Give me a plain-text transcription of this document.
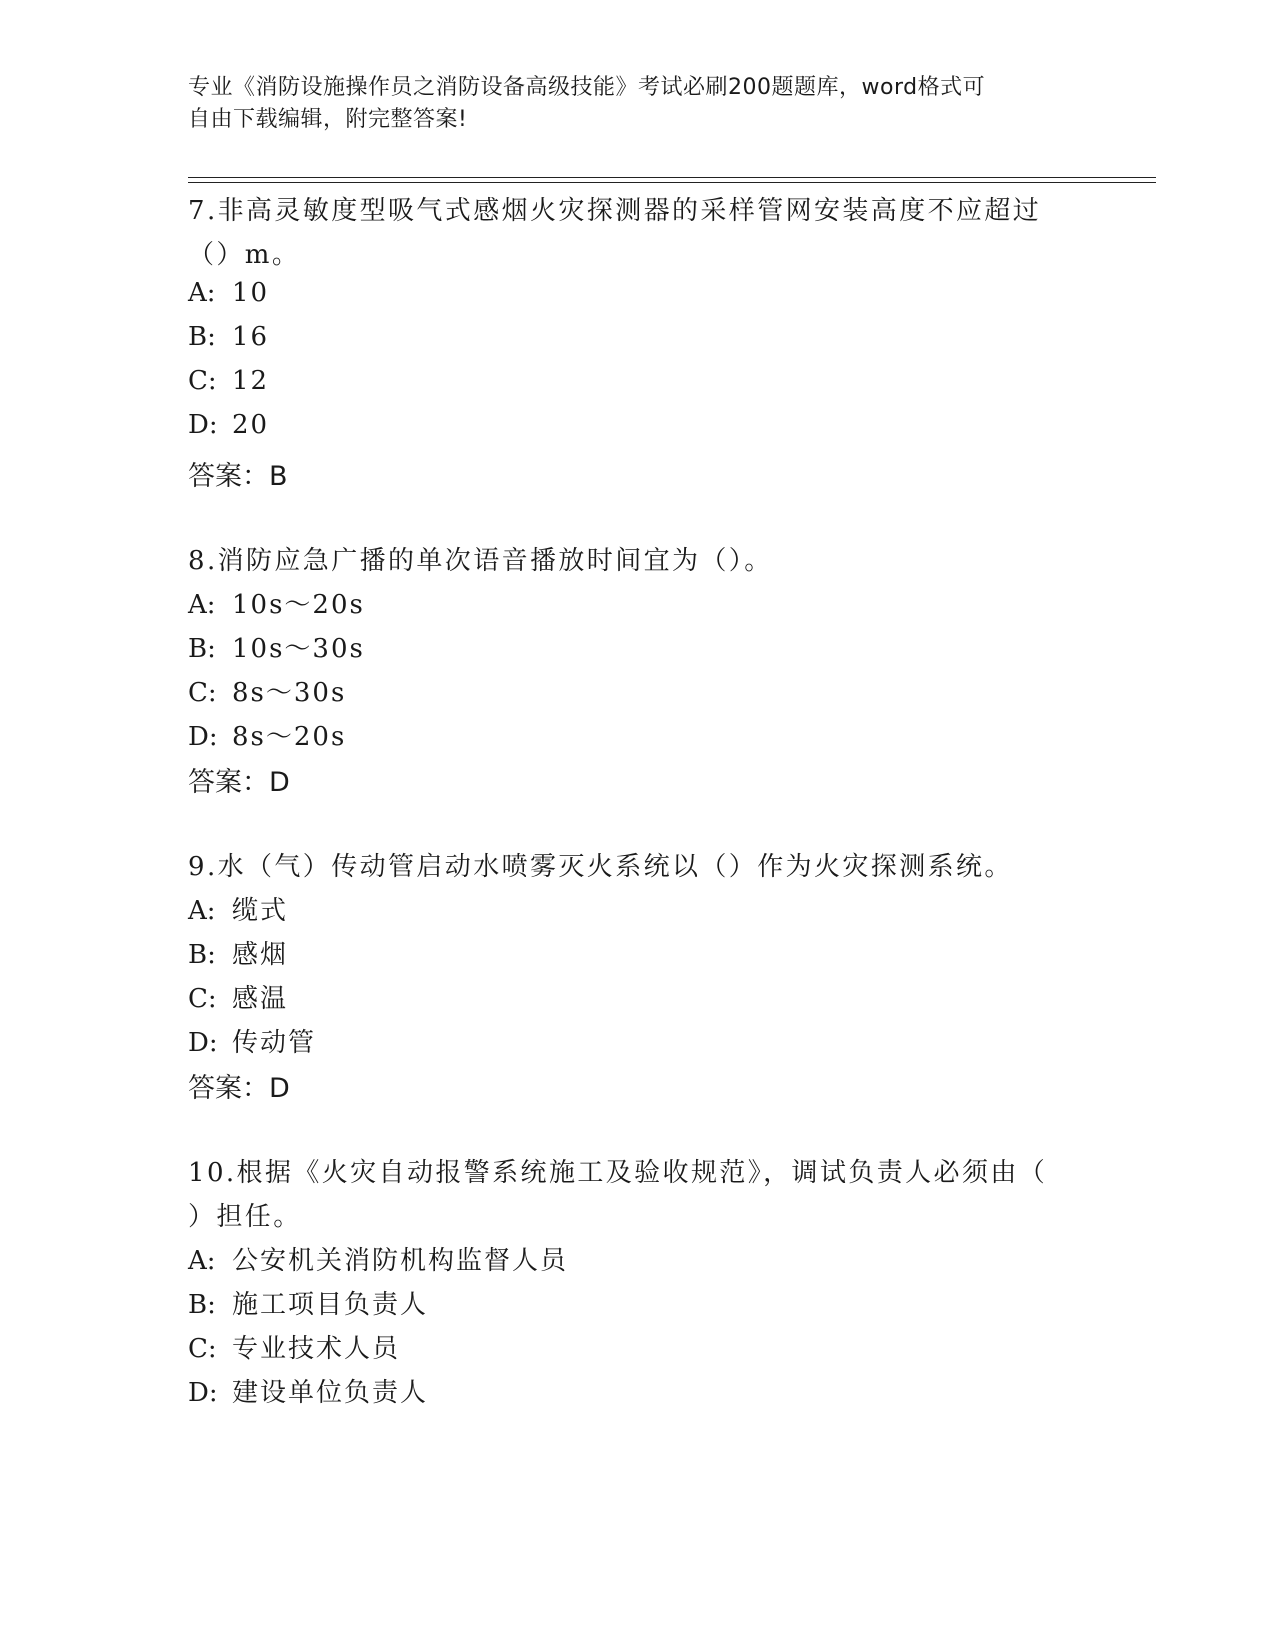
专业《消防设施操作员之消防设备高级技能》考试必刷200题题库，word格式可

自由下载编辑，附完整答案!

7.非高灵敏度型吸气式感烟火灾探测器的采样管网安装高度不应超过
（）m。
A: 10
B: 16
C: 12
D: 20
答案：B
8.消防应急广播的单次语音播放时间宜为（）。
A: 10s～20s
B: 10s～30s
C: 8s～30s
D: 8s～20s
答案：D
9.水（气）传动管启动水喷雾灭火系统以（）作为火灾探测系统。
A: 缆式
B: 感烟
C: 感温
D: 传动管
答案：D
10.根据《火灾自动报警系统施工及验收规范》，调试负责人必须由（
）担任。
A: 公安机关消防机构监督人员
B: 施工项目负责人
C: 专业技术人员
D: 建设单位负责人
